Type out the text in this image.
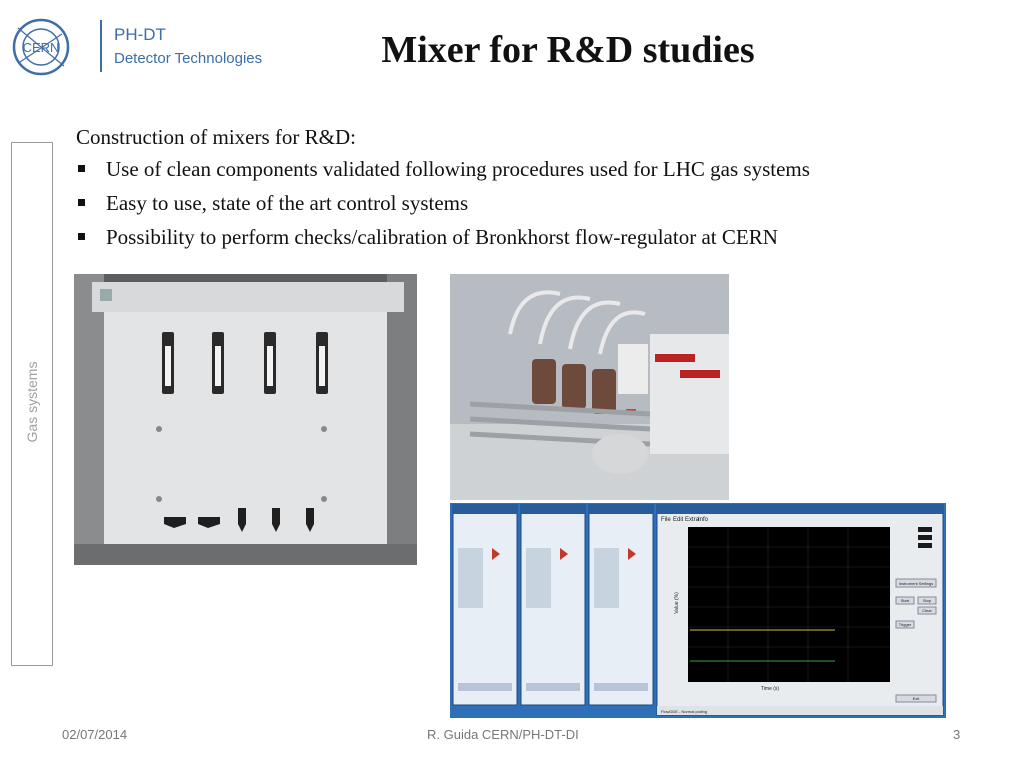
CERN
PH-DT
Detector Technologies	Mixer for R&D studies
Gas systems
Construction of mixers for R&D:
Use of clean components validated following procedures used for LHC gas systems
Easy to use, state of the art control systems
Possibility to perform checks/calibration of Bronkhorst flow-regulator at CERN
File Edit Extra
Info
Time (s)
Value (%)
Instrument Settings
Trigger
Start	Stop
Clear
Exit
FlowDDE - Normal polling
02/07/2014	R. Guida CERN/PH-DT-DI	3
